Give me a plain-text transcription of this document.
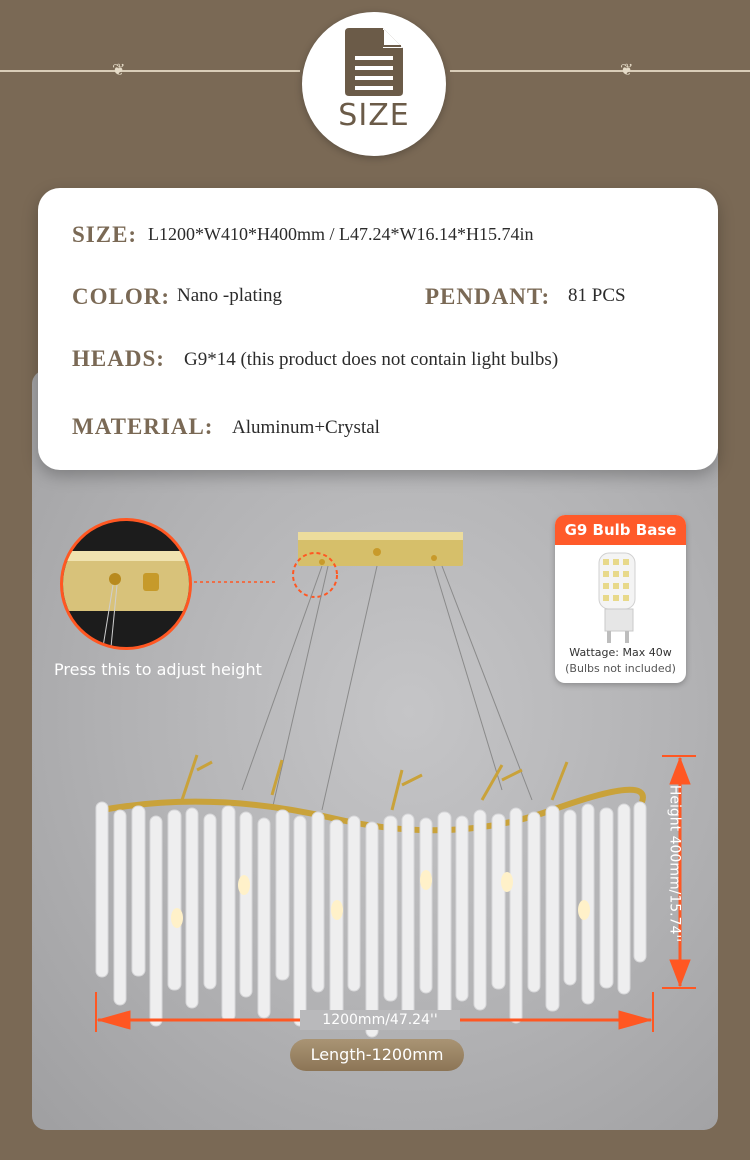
❦	❦
SIZE
SIZE: L1200*W410*H400mm / L47.24*W16.14*H15.74in
COLOR: Nano -plating	PENDANT: 81 PCS
HEADS: G9*14 (this product does not contain light bulbs)
MATERIAL: Aluminum+Crystal
Press this to adjust height
G9 Bulb Base
Wattage: Max 40w
(Bulbs not included)
1200mm/47.24''
Height 400mm/15.74''
Length-1200mm
